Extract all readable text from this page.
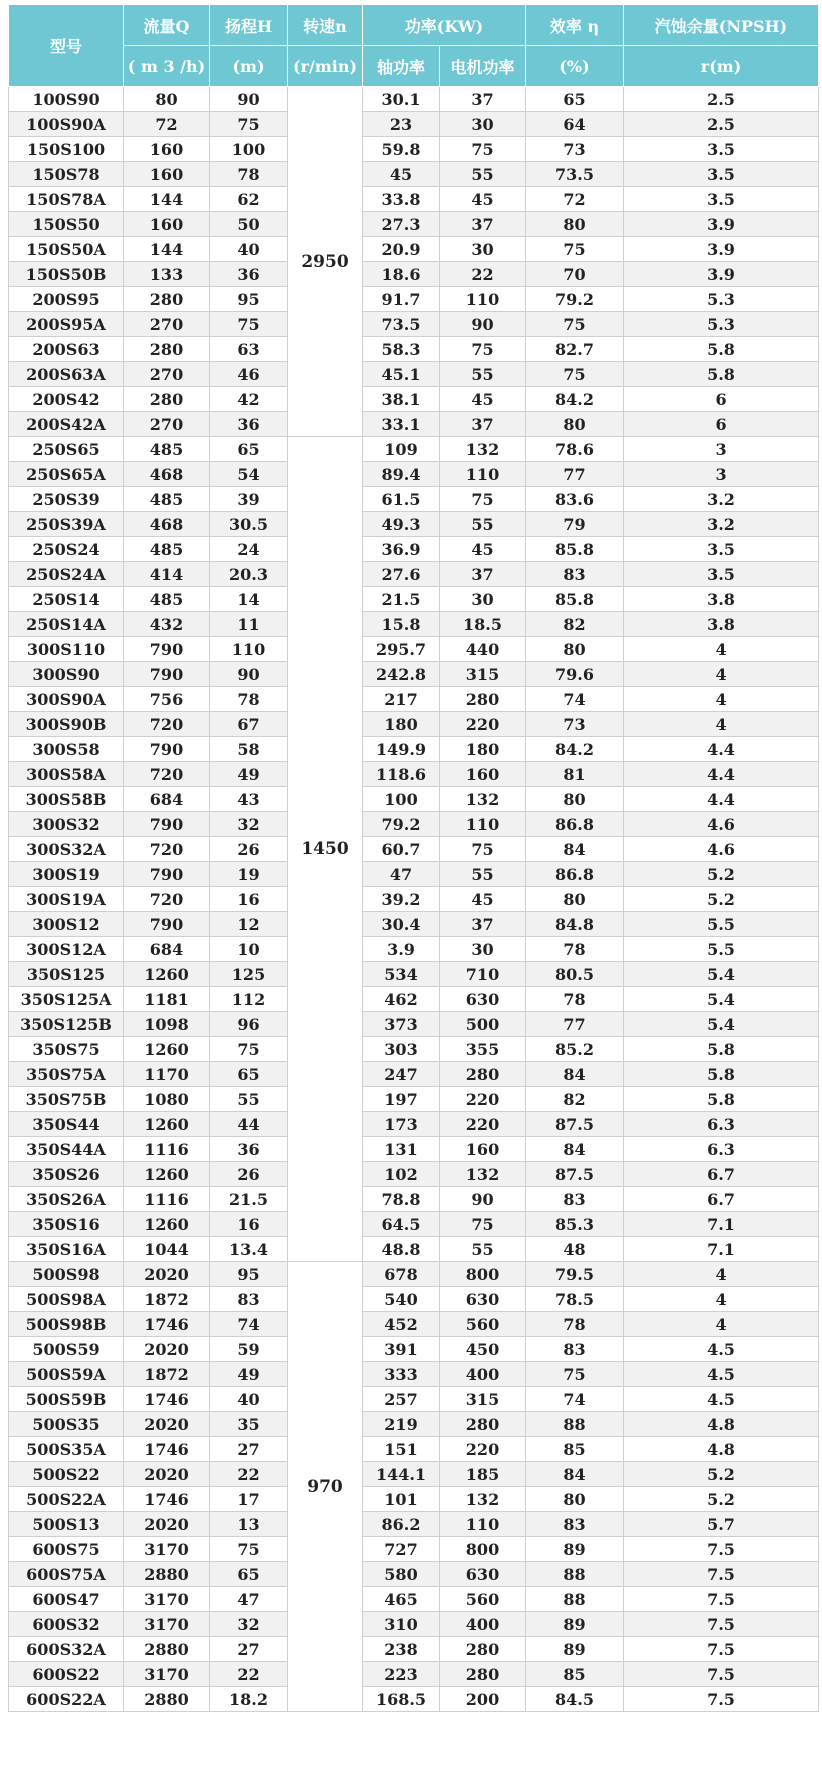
型号	流量Q	扬程H	转速n	功率(KW)		效率 η	汽蚀余量(NPSH)
	( m 3 /h)	(m)	(r/min)	轴功率	电机功率	(%)	r(m)
100S90	80	90	2950	30.1	37	65	2.5
100S90A	72	75		23	30	64	2.5
150S100	160	100		59.8	75	73	3.5
150S78	160	78		45	55	73.5	3.5
150S78A	144	62		33.8	45	72	3.5
150S50	160	50		27.3	37	80	3.9
150S50A	144	40		20.9	30	75	3.9
150S50B	133	36		18.6	22	70	3.9
200S95	280	95		91.7	110	79.2	5.3
200S95A	270	75		73.5	90	75	5.3
200S63	280	63		58.3	75	82.7	5.8
200S63A	270	46		45.1	55	75	5.8
200S42	280	42		38.1	45	84.2	6
200S42A	270	36		33.1	37	80	6
250S65	485	65	1450	109	132	78.6	3
250S65A	468	54		89.4	110	77	3
250S39	485	39		61.5	75	83.6	3.2
250S39A	468	30.5		49.3	55	79	3.2
250S24	485	24		36.9	45	85.8	3.5
250S24A	414	20.3		27.6	37	83	3.5
250S14	485	14		21.5	30	85.8	3.8
250S14A	432	11		15.8	18.5	82	3.8
300S110	790	110		295.7	440	80	4
300S90	790	90		242.8	315	79.6	4
300S90A	756	78		217	280	74	4
300S90B	720	67		180	220	73	4
300S58	790	58		149.9	180	84.2	4.4
300S58A	720	49		118.6	160	81	4.4
300S58B	684	43		100	132	80	4.4
300S32	790	32		79.2	110	86.8	4.6
300S32A	720	26		60.7	75	84	4.6
300S19	790	19		47	55	86.8	5.2
300S19A	720	16		39.2	45	80	5.2
300S12	790	12		30.4	37	84.8	5.5
300S12A	684	10		3.9	30	78	5.5
350S125	1260	125		534	710	80.5	5.4
350S125A	1181	112		462	630	78	5.4
350S125B	1098	96		373	500	77	5.4
350S75	1260	75		303	355	85.2	5.8
350S75A	1170	65		247	280	84	5.8
350S75B	1080	55		197	220	82	5.8
350S44	1260	44		173	220	87.5	6.3
350S44A	1116	36		131	160	84	6.3
350S26	1260	26		102	132	87.5	6.7
350S26A	1116	21.5		78.8	90	83	6.7
350S16	1260	16		64.5	75	85.3	7.1
350S16A	1044	13.4		48.8	55	48	7.1
500S98	2020	95	970	678	800	79.5	4
500S98A	1872	83		540	630	78.5	4
500S98B	1746	74		452	560	78	4
500S59	2020	59		391	450	83	4.5
500S59A	1872	49		333	400	75	4.5
500S59B	1746	40		257	315	74	4.5
500S35	2020	35		219	280	88	4.8
500S35A	1746	27		151	220	85	4.8
500S22	2020	22		144.1	185	84	5.2
500S22A	1746	17		101	132	80	5.2
500S13	2020	13		86.2	110	83	5.7
600S75	3170	75		727	800	89	7.5
600S75A	2880	65		580	630	88	7.5
600S47	3170	47		465	560	88	7.5
600S32	3170	32		310	400	89	7.5
600S32A	2880	27		238	280	89	7.5
600S22	3170	22		223	280	85	7.5
600S22A	2880	18.2		168.5	200	84.5	7.5
